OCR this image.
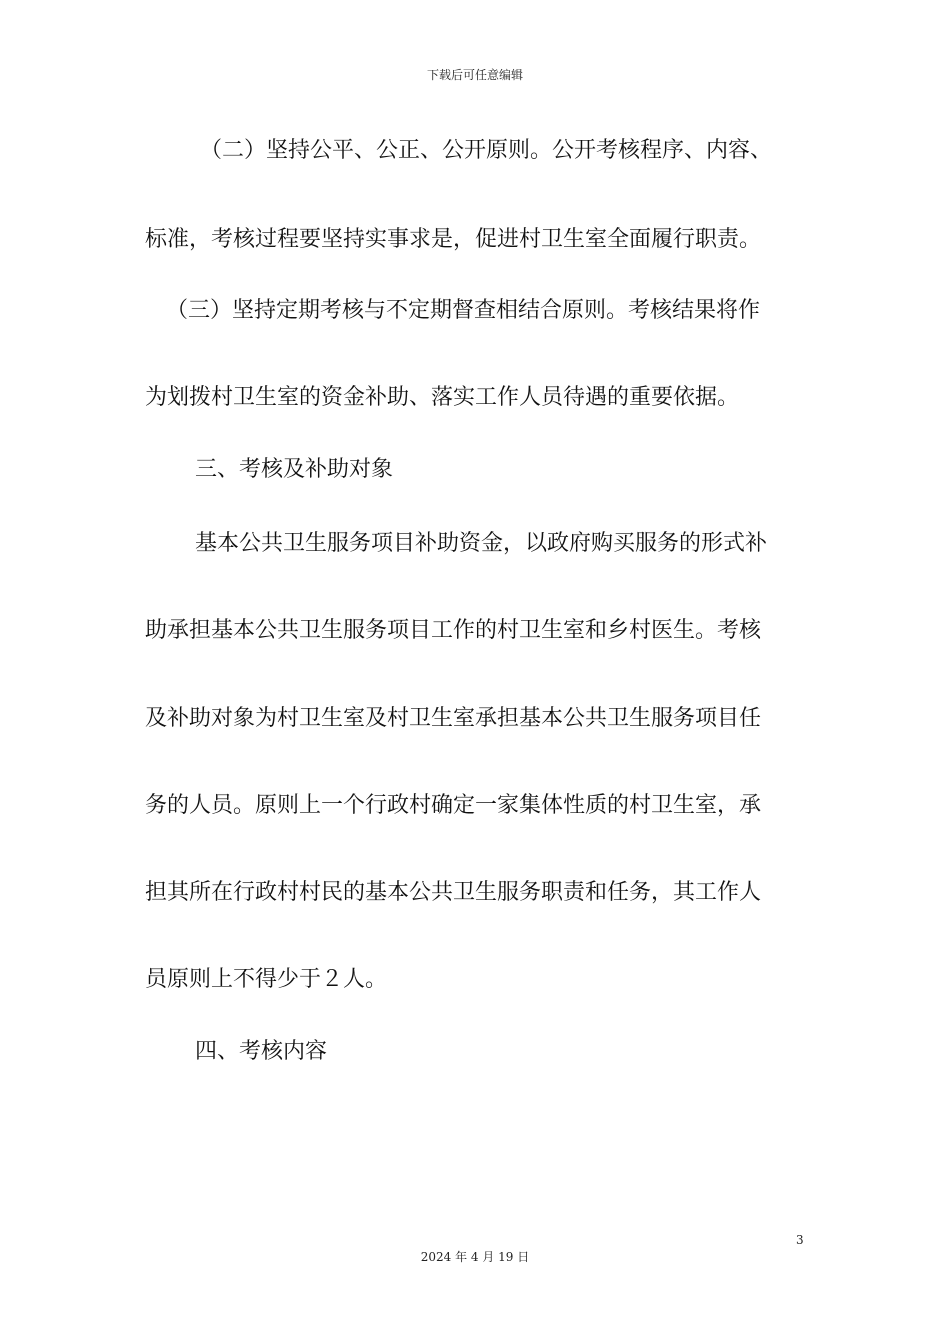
下载后可任意编辑
（二）坚持公平、公正、公开原则。公开考核程序、内容、
标准，考核过程要坚持实事求是，促进村卫生室全面履行职责。
（三）坚持定期考核与不定期督查相结合原则。考核结果将作
为划拨村卫生室的资金补助、落实工作人员待遇的重要依据。
三、考核及补助对象
基本公共卫生服务项目补助资金，以政府购买服务的形式补
助承担基本公共卫生服务项目工作的村卫生室和乡村医生。考核
及补助对象为村卫生室及村卫生室承担基本公共卫生服务项目任
务的人员。原则上一个行政村确定一家集体性质的村卫生室，承
担其所在行政村村民的基本公共卫生服务职责和任务，其工作人
员原则上不得少于２人。
四、考核内容
3
2024 年 4 月 19 日
